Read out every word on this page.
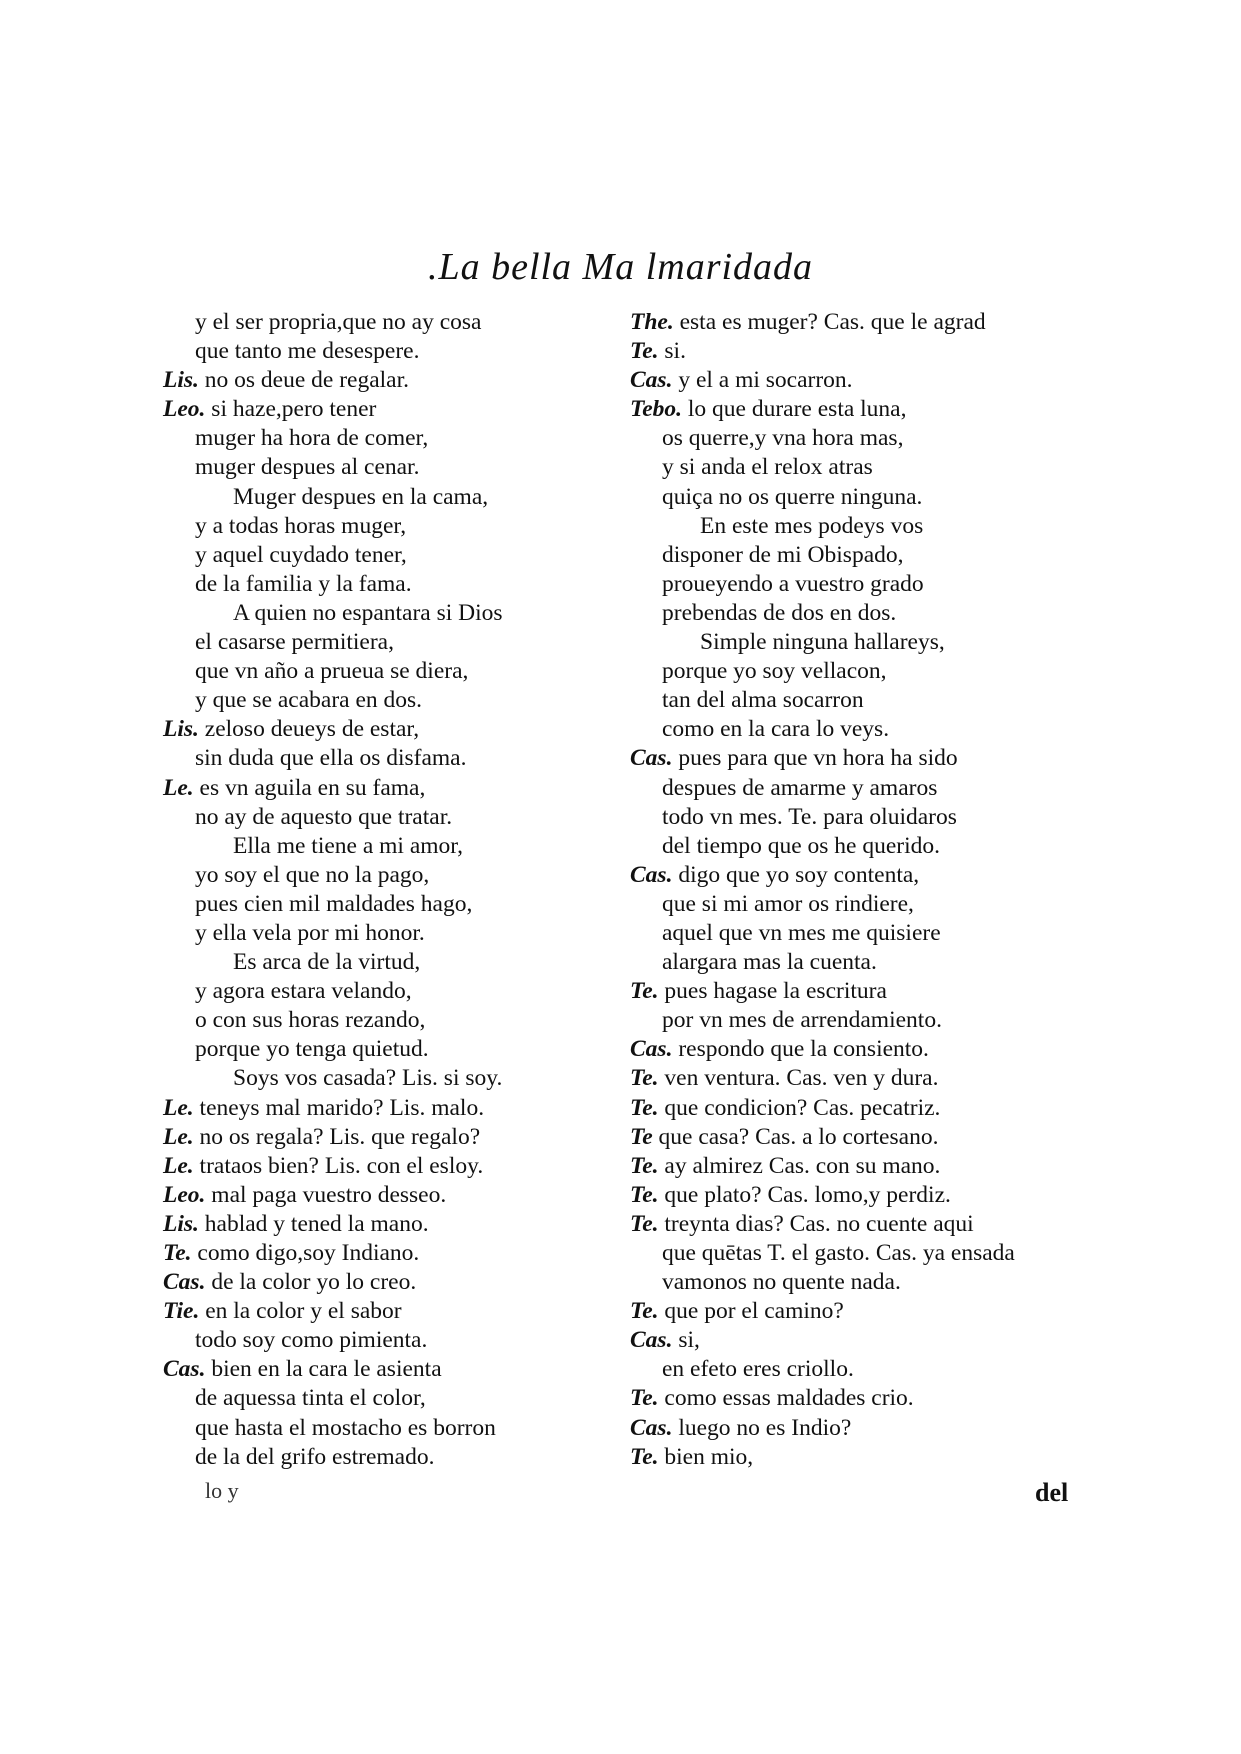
.La bella Ma lmaridada
y el ser propria,que no ay cosa
que tanto me desespere.
Lis. no os deue de regalar.
Leo. si haze,pero tener
muger ha hora de comer,
muger despues al cenar.
Muger despues en la cama,
y a todas horas muger,
y aquel cuydado tener,
de la familia y la fama.
A quien no espantara si Dios
el casarse permitiera,
que vn año a prueua se diera,
y que se acabara en dos.
Lis. zeloso deueys de estar,
sin duda que ella os disfama.
Le. es vn aguila en su fama,
no ay de aquesto que tratar.
Ella me tiene a mi amor,
yo soy el que no la pago,
pues cien mil maldades hago,
y ella vela por mi honor.
Es arca de la virtud,
y agora estara velando,
o con sus horas rezando,
porque yo tenga quietud.
Soys vos casada? Lis. si soy.
Le. teneys mal marido? Lis. malo.
Le. no os regala? Lis. que regalo?
Le. trataos bien? Lis. con el esloy.
Leo. mal paga vuestro desseo.
Lis. hablad y tened la mano.
Te. como digo,soy Indiano.
Cas. de la color yo lo creo.
Tie. en la color y el sabor
todo soy como pimienta.
Cas. bien en la cara le asienta
de aquessa tinta el color,
que hasta el mostacho es borron
de la del grifo estremado.
The. esta es muger? Cas. que le agrad
Te. si.
Cas. y el a mi socarron.
Tebo. lo que durare esta luna,
os querre,y vna hora mas,
y si anda el relox atras
quiça no os querre ninguna.
En este mes podeys vos
disponer de mi Obispado,
proueyendo a vuestro grado
prebendas de dos en dos.
Simple ninguna hallareys,
porque yo soy vellacon,
tan del alma socarron
como en la cara lo veys.
Cas. pues para que vn hora ha sido
despues de amarme y amaros
todo vn mes. Te. para oluidaros
del tiempo que os he querido.
Cas. digo que yo soy contenta,
que si mi amor os rindiere,
aquel que vn mes me quisiere
alargara mas la cuenta.
Te. pues hagase la escritura
por vn mes de arrendamiento.
Cas. respondo que la consiento.
Te. ven ventura. Cas. ven y dura.
Te. que condicion? Cas. pecatriz.
Te que casa? Cas. a lo cortesano.
Te. ay almirez Cas. con su mano.
Te. que plato? Cas. lomo,y perdiz.
Te. treynta dias? Cas. no cuente aqui
que quētas T. el gasto. Cas. ya ensada
vamonos no quente nada.
Te. que por el camino?
Cas. si,
en efeto eres criollo.
Te. como essas maldades crio.
Cas. luego no es Indio?
Te. bien mio,
lo y	del
